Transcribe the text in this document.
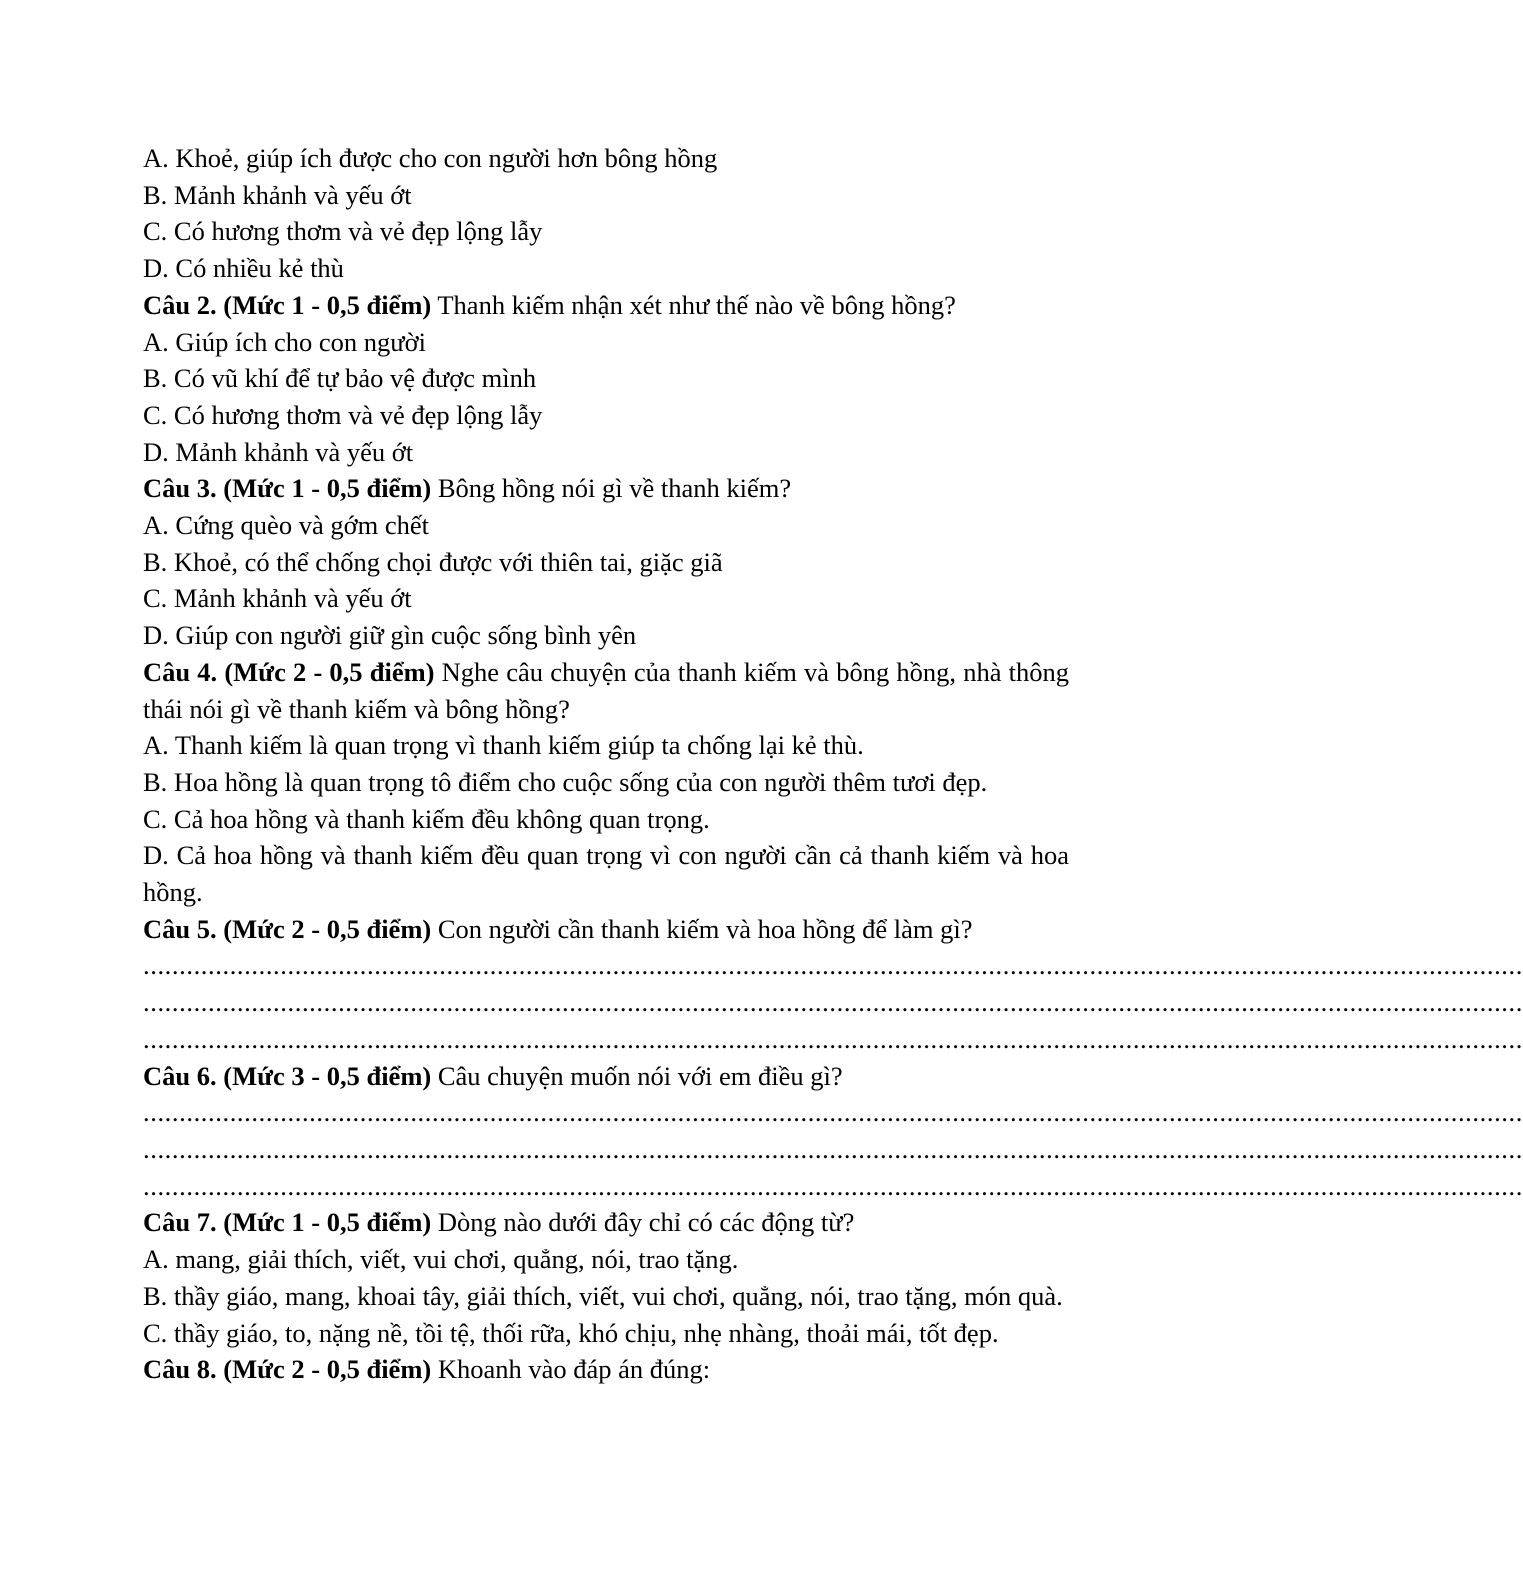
A. Khoẻ, giúp ích được cho con người hơn bông hồng
B. Mảnh khảnh và yếu ớt
C. Có hương thơm và vẻ đẹp lộng lẫy
D. Có nhiều kẻ thù
Câu 2. (Mức 1 - 0,5 điểm) Thanh kiếm nhận xét như thế nào về bông hồng?
A. Giúp ích cho con người
B. Có vũ khí để tự bảo vệ được mình
C. Có hương thơm và vẻ đẹp lộng lẫy
D. Mảnh khảnh và yếu ớt
Câu 3. (Mức 1 - 0,5 điểm) Bông hồng nói gì về thanh kiếm?
A. Cứng quèo và gớm chết
B. Khoẻ, có thể chống chọi được với thiên tai, giặc giã
C. Mảnh khảnh và yếu ớt
D. Giúp con người giữ gìn cuộc sống bình yên
Câu 4. (Mức 2 - 0,5 điểm) Nghe câu chuyện của thanh kiếm và bông hồng, nhà thông thái nói gì về thanh kiếm và bông hồng?
A. Thanh kiếm là quan trọng vì thanh kiếm giúp ta chống lại kẻ thù.
B. Hoa hồng là quan trọng tô điểm cho cuộc sống của con người thêm tươi đẹp.
C. Cả hoa hồng và thanh kiếm đều không quan trọng.
D. Cả hoa hồng và thanh kiếm đều quan trọng vì con người cần cả thanh kiếm và hoa hồng.
Câu 5. (Mức 2 - 0,5 điểm) Con người cần thanh kiếm và hoa hồng để làm gì?
...............................................................................................................................................................................................
...............................................................................................................................................................................................
...............................................................................................................................................................................................
Câu 6. (Mức 3 - 0,5 điểm) Câu chuyện muốn nói với em điều gì?
...............................................................................................................................................................................................
...............................................................................................................................................................................................
...............................................................................................................................................................................................
Câu 7. (Mức 1 - 0,5 điểm) Dòng nào dưới đây chỉ có các động từ?
A. mang, giải thích, viết, vui chơi, quẳng, nói, trao tặng.
B. thầy giáo, mang, khoai tây, giải thích, viết, vui chơi, quẳng, nói, trao tặng, món quà.
C. thầy giáo, to, nặng nề, tồi tệ, thối rữa, khó chịu, nhẹ nhàng, thoải mái, tốt đẹp.
Câu 8. (Mức 2 - 0,5 điểm) Khoanh vào đáp án đúng:
